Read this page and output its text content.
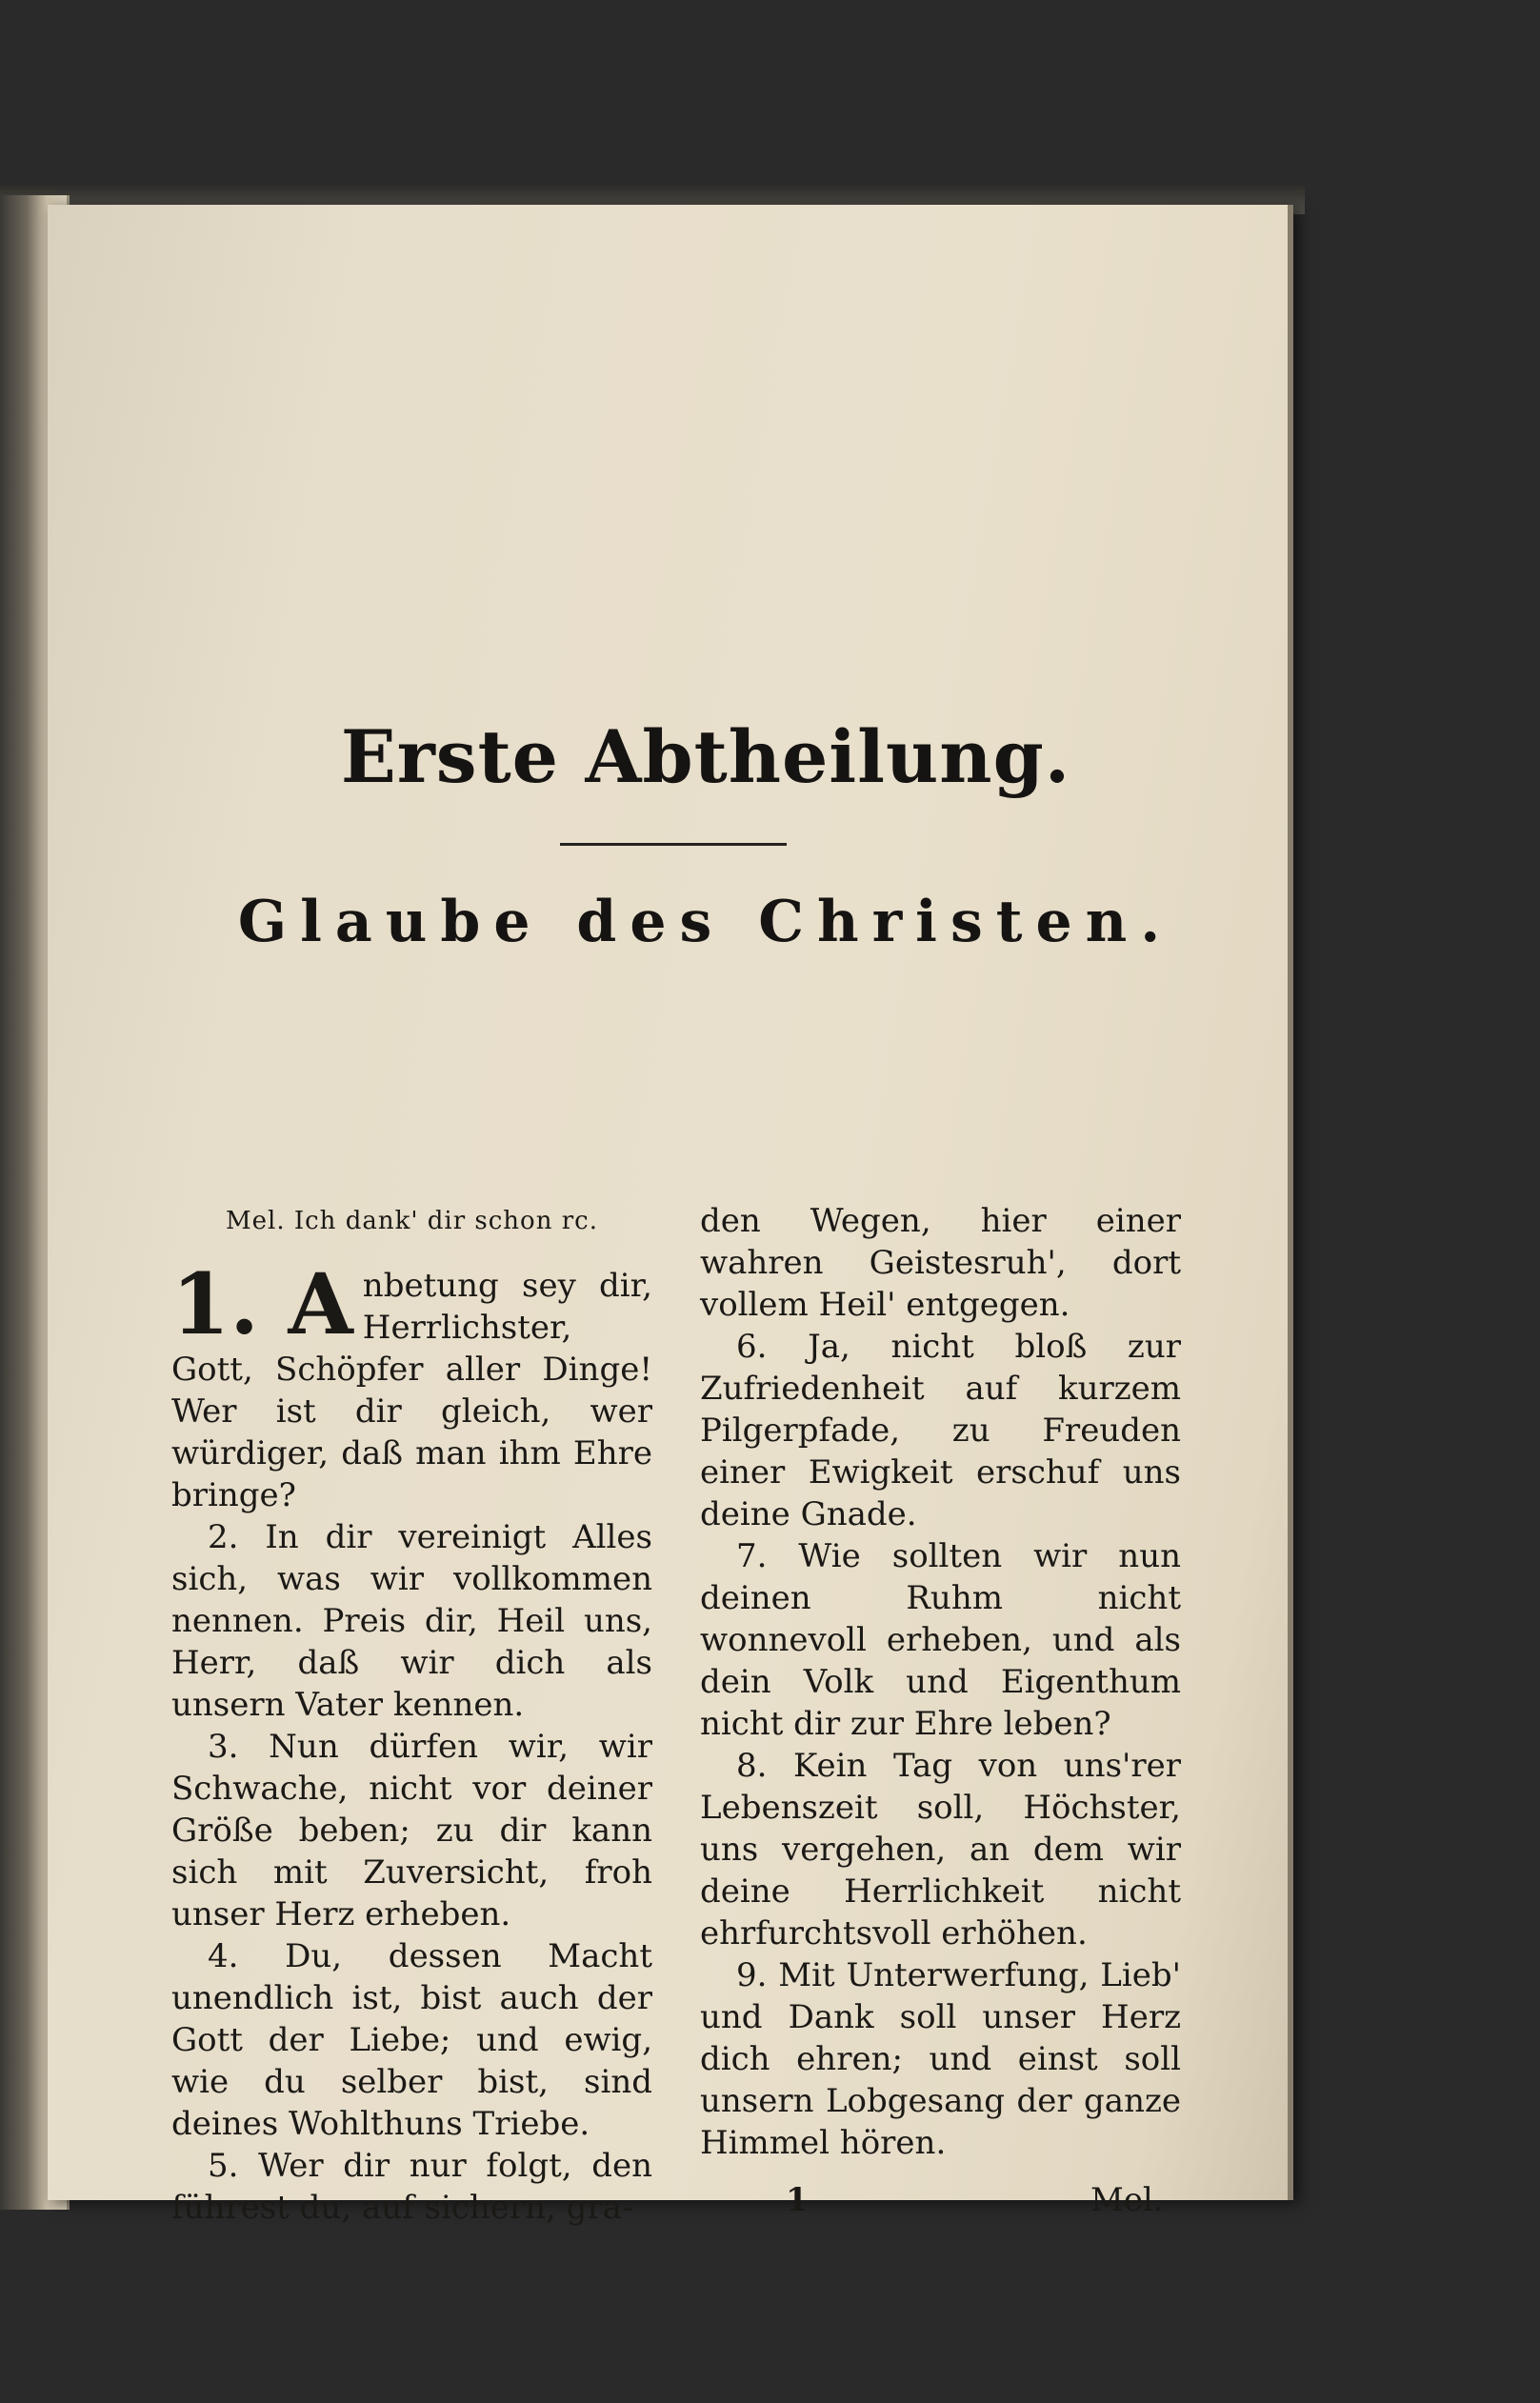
Erste Abtheilung.
Glaube des Christen.
Mel. Ich dank' dir schon rc.

1. A nbetung sey dir, Herrlichster, Gott, Schöpfer aller Dinge! Wer ist dir gleich, wer würdiger, daß man ihm Ehre bringe?

2. In dir vereinigt Alles sich, was wir vollkommen nennen. Preis dir, Heil uns, Herr, daß wir dich als unsern Vater kennen.

3. Nun dürfen wir, wir Schwache, nicht vor deiner Größe beben; zu dir kann sich mit Zuversicht, froh unser Herz erheben.

4. Du, dessen Macht unendlich ist, bist auch der Gott der Liebe; und ewig, wie du selber bist, sind deines Wohlthuns Triebe.

5. Wer dir nur folgt, den führest du, auf sichern, gra-

den Wegen, hier einer wahren Geistesruh', dort vollem Heil' entgegen.

6. Ja, nicht bloß zur Zufriedenheit auf kurzem Pilgerpfade, zu Freuden einer Ewigkeit erschuf uns deine Gnade.

7. Wie sollten wir nun deinen Ruhm nicht wonnevoll erheben, und als dein Volk und Eigenthum nicht dir zur Ehre leben?

8. Kein Tag von uns'rer Lebenszeit soll, Höchster, uns vergehen, an dem wir deine Herrlichkeit nicht ehrfurchtsvoll erhöhen.

9. Mit Unterwerfung, Lieb' und Dank soll unser Herz dich ehren; und einst soll unsern Lobgesang der ganze Himmel hören.

1	Mel.
